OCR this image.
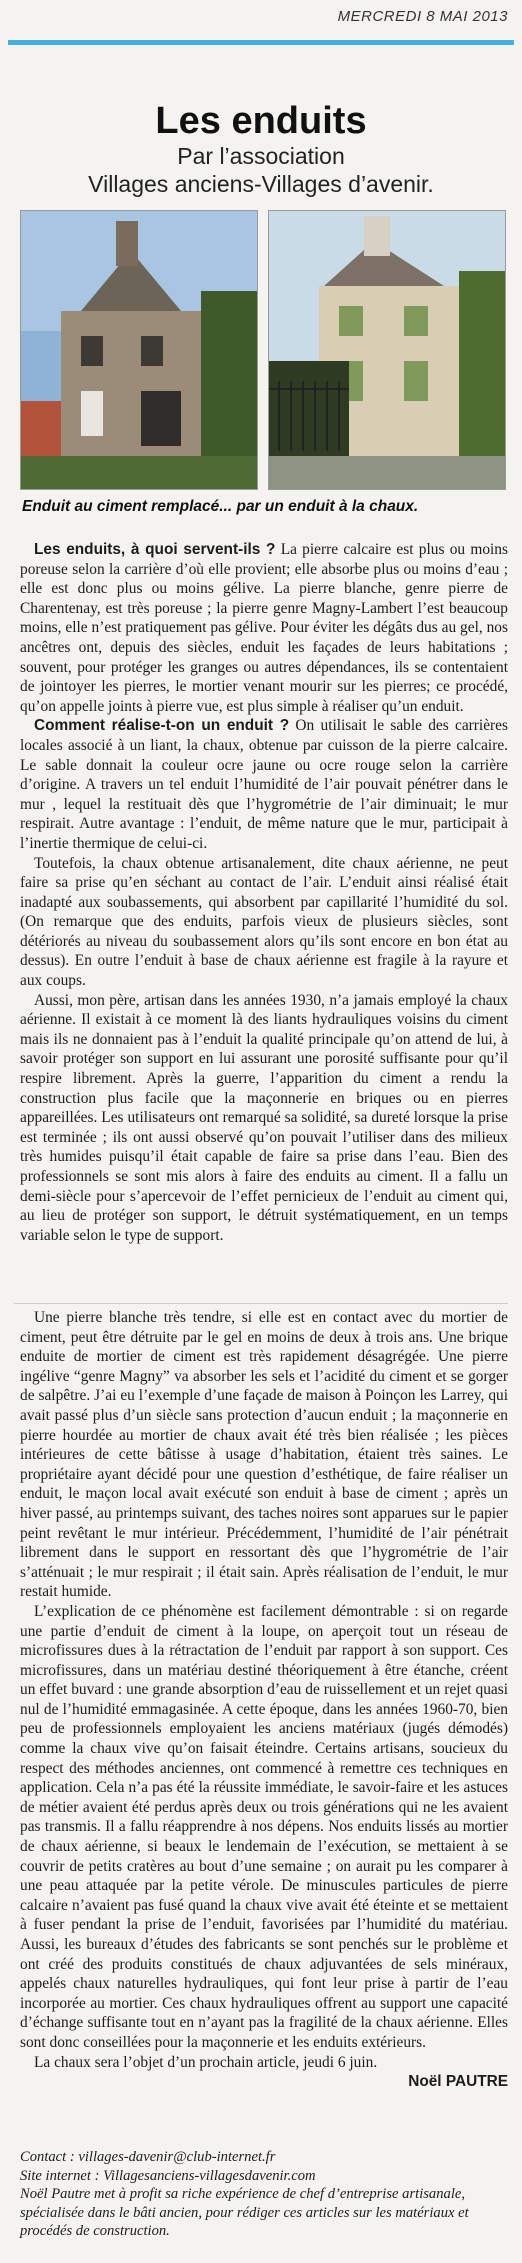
MERCREDI 8 MAI 2013
Les enduits

Par l’association

Villages anciens-Villages d’avenir.

Enduit au ciment remplacé... par un enduit à la chaux.

Les enduits, à quoi servent-ils ? La pierre calcaire est plus ou moins poreuse selon la carrière d’où elle provient; elle absorbe plus ou moins d’eau ; elle est donc plus ou moins gélive. La pierre blanche, genre pierre de Charentenay, est très poreuse ; la pierre genre Magny-Lambert l’est beaucoup moins, elle n’est pratiquement pas gélive. Pour éviter les dégâts dus au gel, nos ancêtres ont, depuis des siècles, enduit les façades de leurs habitations ; souvent, pour protéger les granges ou autres dépendances, ils se contentaient de jointoyer les pierres, le mortier venant mourir sur les pierres; ce procédé, qu’on appelle joints à pierre vue, est plus simple à réaliser qu’un enduit.

Comment réalise-t-on un enduit ? On utilisait le sable des carrières locales associé à un liant, la chaux, obtenue par cuisson de la pierre calcaire. Le sable donnait la couleur ocre jaune ou ocre rouge selon la carrière d’origine. A travers un tel enduit l’humidité de l’air pouvait pénétrer dans le mur , lequel la restituait dès que l’hygrométrie de l’air diminuait; le mur respirait. Autre avantage : l’enduit, de même nature que le mur, participait à l’inertie thermique de celui-ci.

Toutefois, la chaux obtenue artisanalement, dite chaux aérienne, ne peut faire sa prise qu’en séchant au contact de l’air. L’enduit ainsi réalisé était inadapté aux soubassements, qui absorbent par capillarité l’humidité du sol. (On remarque que des enduits, parfois vieux de plusieurs siècles, sont détériorés au niveau du soubassement alors qu’ils sont encore en bon état au dessus). En outre l’enduit à base de chaux aérienne est fragile à la rayure et aux coups.

Aussi, mon père, artisan dans les années 1930, n’a jamais employé la chaux aérienne. Il existait à ce moment là des liants hydrauliques voisins du ciment mais ils ne donnaient pas à l’enduit la qualité principale qu’on attend de lui, à savoir protéger son support en lui assurant une porosité suffisante pour qu’il respire librement. Après la guerre, l’apparition du ciment a rendu la construction plus facile que la maçonnerie en briques ou en pierres appareillées. Les utilisateurs ont remarqué sa solidité, sa dureté lorsque la prise est terminée ; ils ont aussi observé qu’on pouvait l’utiliser dans des milieux très humides puisqu’il était capable de faire sa prise dans l’eau. Bien des professionnels se sont mis alors à faire des enduits au ciment. Il a fallu un demi-siècle pour s’apercevoir de l’effet pernicieux de l’enduit au ciment qui, au lieu de protéger son support, le détruit systématiquement, en un temps variable selon le type de support.

Une pierre blanche très tendre, si elle est en contact avec du mortier de ciment, peut être détruite par le gel en moins de deux à trois ans. Une brique enduite de mortier de ciment est très rapidement désagrégée. Une pierre ingélive “genre Magny” va absorber les sels et l’acidité du ciment et se gorger de salpêtre. J’ai eu l’exemple d’une façade de maison à Poinçon les Larrey, qui avait passé plus d’un siècle sans protection d’aucun enduit ; la maçonnerie en pierre hourdée au mortier de chaux avait été très bien réalisée ; les pièces intérieures de cette bâtisse à usage d’habitation, étaient très saines. Le propriétaire ayant décidé pour une question d’esthétique, de faire réaliser un enduit, le maçon local avait exécuté son enduit à base de ciment ; après un hiver passé, au printemps suivant, des taches noires sont apparues sur le papier peint revêtant le mur intérieur. Précédemment, l’humidité de l’air pénétrait librement dans le support en ressortant dès que l’hygrométrie de l’air s’atténuait ; le mur respirait ; il était sain. Après réalisation de l’enduit, le mur restait humide.

L’explication de ce phénomène est facilement démontrable : si on regarde une partie d’enduit de ciment à la loupe, on aperçoit tout un réseau de microfissures dues à la rétractation de l’enduit par rapport à son support. Ces microfissures, dans un matériau destiné théoriquement à être étanche, créent un effet buvard : une grande absorption d’eau de ruissellement et un rejet quasi nul de l’humidité emmagasinée. A cette époque, dans les années 1960-70, bien peu de professionnels employaient les anciens matériaux (jugés démodés) comme la chaux vive qu’on faisait éteindre. Certains artisans, soucieux du respect des méthodes anciennes, ont commencé à remettre ces techniques en application. Cela n’a pas été la réussite immédiate, le savoir-faire et les astuces de métier avaient été perdus après deux ou trois générations qui ne les avaient pas transmis. Il a fallu réapprendre à nos dépens. Nos enduits lissés au mortier de chaux aérienne, si beaux le lendemain de l’exécution, se mettaient à se couvrir de petits cratères au bout d’une semaine ; on aurait pu les comparer à une peau attaquée par la petite vérole. De minuscules particules de pierre calcaire n’avaient pas fusé quand la chaux vive avait été éteinte et se mettaient à fuser pendant la prise de l’enduit, favorisées par l’humidité du matériau. Aussi, les bureaux d’études des fabricants se sont penchés sur le problème et ont créé des produits constitués de chaux adjuvantées de sels minéraux, appelés chaux naturelles hydrauliques, qui font leur prise à partir de l’eau incorporée au mortier. Ces chaux hydrauliques offrent au support une capacité d’échange suffisante tout en n’ayant pas la fragilité de la chaux aérienne. Elles sont donc conseillées pour la maçonnerie et les enduits extérieurs.

La chaux sera l’objet d’un prochain article, jeudi 6 juin.

Noël PAUTRE

Contact : villages-davenir@club-internet.fr

Site internet : Villagesanciens-villagesdavenir.com

Noël Pautre met à profit sa riche expérience de chef d’entreprise artisanale, spécialisée dans le bâti ancien, pour rédiger ces articles sur les matériaux et procédés de construction.
